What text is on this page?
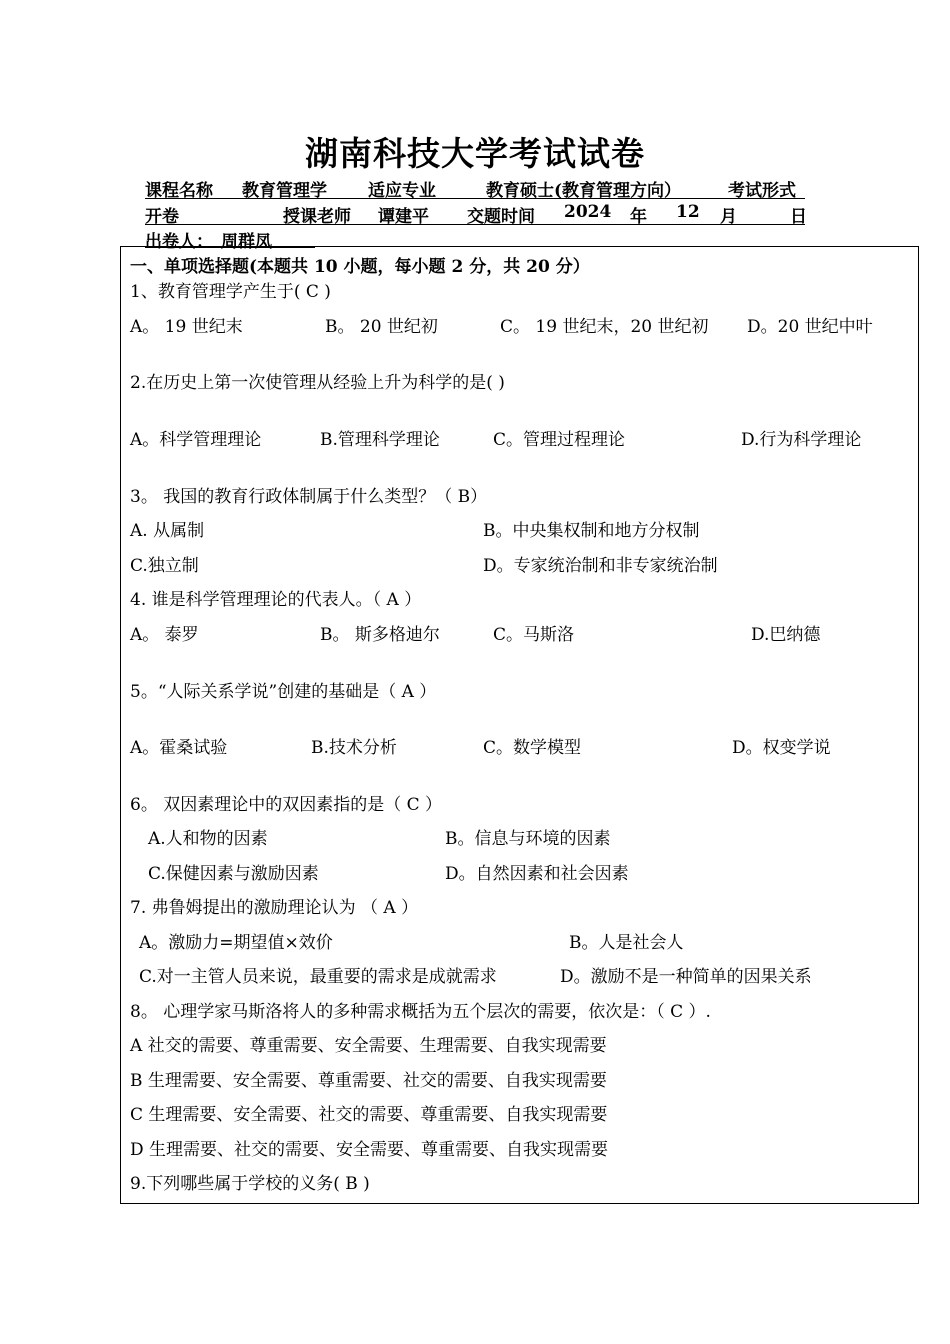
湖南科技大学考试试卷
课程名称 教育管理学 适应专业	教育硕士(教育管理方向）	考试形式
开卷	授课老师 谭建平 交题时间 2024 年 12 月	日
出卷人： 周群凤
一、单项选择题(本题共 10 小题，每小题 2 分，共 20 分）
1、教育管理学产生于( C )
A。 19 世纪末	B。 20 世纪初	C。 19 世纪末，20 世纪初 D。20 世纪中叶
2.在历史上第一次使管理从经验上升为科学的是( )
A。科学管理理论	B.管理科学理论	C。管理过程理论	D.行为科学理论
3。 我国的教育行政体制属于什么类型？（ B）
A. 从属制	B。中央集权制和地方分权制
C.独立制	D。专家统治制和非专家统治制
4. 谁是科学管理理论的代表人。（ A ）
A。 泰罗	B。 斯多格迪尔	C。马斯洛	D.巴纳德
5。“人际关系学说”创建的基础是（ A ）
A。霍桑试验	B.技术分析	C。数学模型	D。权变学说
6。 双因素理论中的双因素指的是（ C ）
A.人和物的因素	B。信息与环境的因素
C.保健因素与激励因素	D。自然因素和社会因素
7. 弗鲁姆提出的激励理论认为 （ A ）
A。激励力=期望值×效价	B。人是社会人
C.对一主管人员来说，最重要的需求是成就需求	D。激励不是一种简单的因果关系
8。 心理学家马斯洛将人的多种需求概括为五个层次的需要，依次是：（ C ）.
A 社交的需要、尊重需要、安全需要、生理需要、自我实现需要
B 生理需要、安全需要、尊重需要、社交的需要、自我实现需要
C 生理需要、安全需要、社交的需要、尊重需要、自我实现需要
D 生理需要、社交的需要、安全需要、尊重需要、自我实现需要
9.下列哪些属于学校的义务( B )
